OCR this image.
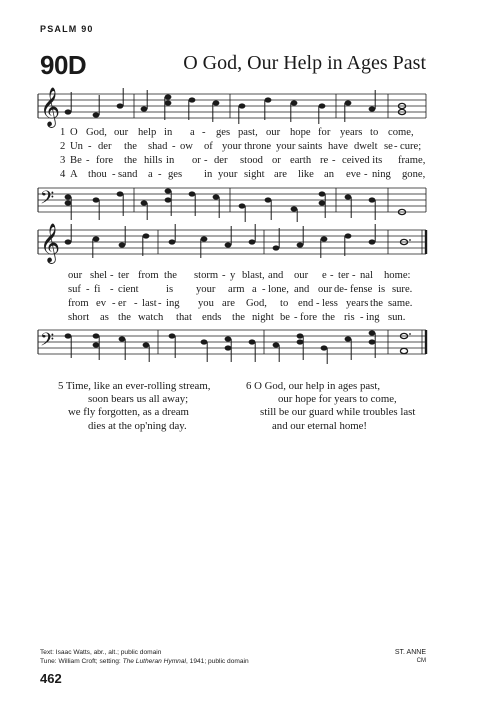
PSALM 90
90D	O God, Our Help in Ages Past
𝄞
1 O God, our help in a - ges past, our hope for years to come,
2 Un - der the shad - ow of your throne your saints have dwelt se - cure;
3 Be - fore the hills in or - der stood or earth re - ceived its frame,
4 A thou - sand a - ges in your sight are like an eve - ning gone,
𝄢
𝄞
our shel - ter from the storm - y blast, and our e - ter - nal home:
suf - fi - cient	is your arm a - lone, and our de - fense is sure.
from ev - er - last - ing you are God, to end - less years the same.
short as the watch that ends the night be - fore the ris - ing sun.
𝄢
5 Time, like an ever-rolling stream,
soon bears us all away;
we fly forgotten, as a dream
dies at the op'ning day.
6 O God, our help in ages past,
our hope for years to come,
still be our guard while troubles last
and our eternal home!
Text: Isaac Watts, abr., alt.; public domain
Tune: William Croft; setting: The Lutheran Hymnal, 1941; public domain
ST. ANNE
CM
462
